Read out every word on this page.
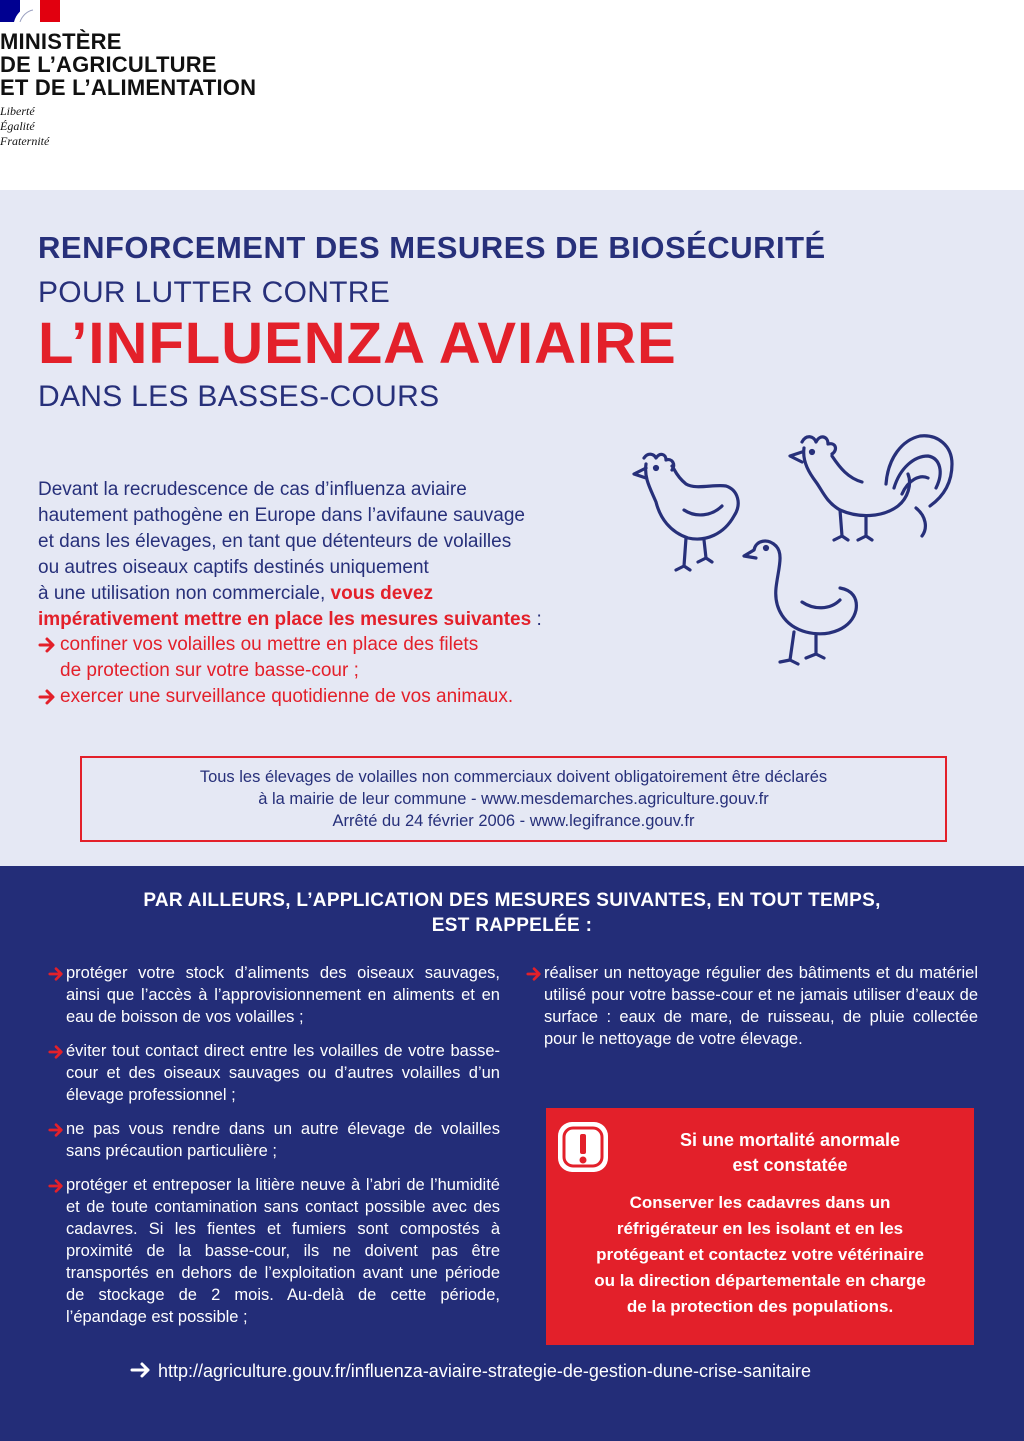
MINISTÈRE
DE L’AGRICULTURE
ET DE L’ALIMENTATION
Liberté
Égalité
Fraternité
RENFORCEMENT DES MESURES DE BIOSÉCURITÉ
POUR LUTTER CONTRE
L’INFLUENZA AVIAIRE
DANS LES BASSES-COURS
Devant la recrudescence de cas d’influenza aviaire
hautement pathogène en Europe dans l’avifaune sauvage
et dans les élevages, en tant que détenteurs de volailles
ou autres oiseaux captifs destinés uniquement
à une utilisation non commerciale, vous devez
impérativement mettre en place les mesures suivantes :
confiner vos volailles ou mettre en place des filets
de protection sur votre basse-cour ;
exercer une surveillance quotidienne de vos animaux.
Tous les élevages de volailles non commerciaux doivent obligatoirement être déclarés
à la mairie de leur commune - www.mesdemarches.agriculture.gouv.fr
Arrêté du 24 février 2006 - www.legifrance.gouv.fr
PAR AILLEURS, L’APPLICATION DES MESURES SUIVANTES, EN TOUT TEMPS,
EST RAPPELÉE :
protéger votre stock d’aliments des oiseaux sauvages, ainsi que l’accès à l’approvisionnement en aliments et en eau de boisson de vos volailles ;
éviter tout contact direct entre les volailles de votre basse-cour et des oiseaux sauvages ou d’autres volailles d’un élevage professionnel ;
ne pas vous rendre dans un autre élevage de volailles sans précaution particulière ;
protéger et entreposer la litière neuve à l’abri de l’humidité et de toute contamination sans contact possible avec des cadavres. Si les fientes et fumiers sont compostés à proximité de la basse-cour, ils ne doivent pas être transportés en dehors de l’exploitation avant une période de stockage de 2 mois. Au-delà de cette période, l’épandage est possible ;
réaliser un nettoyage régulier des bâtiments et du matériel utilisé pour votre basse-cour et ne jamais utiliser d’eaux de surface : eaux de mare, de ruisseau, de pluie collectée pour le nettoyage de votre élevage.
Si une mortalité anormale
est constatée
Conserver les cadavres dans un
réfrigérateur en les isolant et en les
protégeant et contactez votre vétérinaire
ou la direction départementale en charge
de la protection des populations.
http://agriculture.gouv.fr/influenza-aviaire-strategie-de-gestion-dune-crise-sanitaire
